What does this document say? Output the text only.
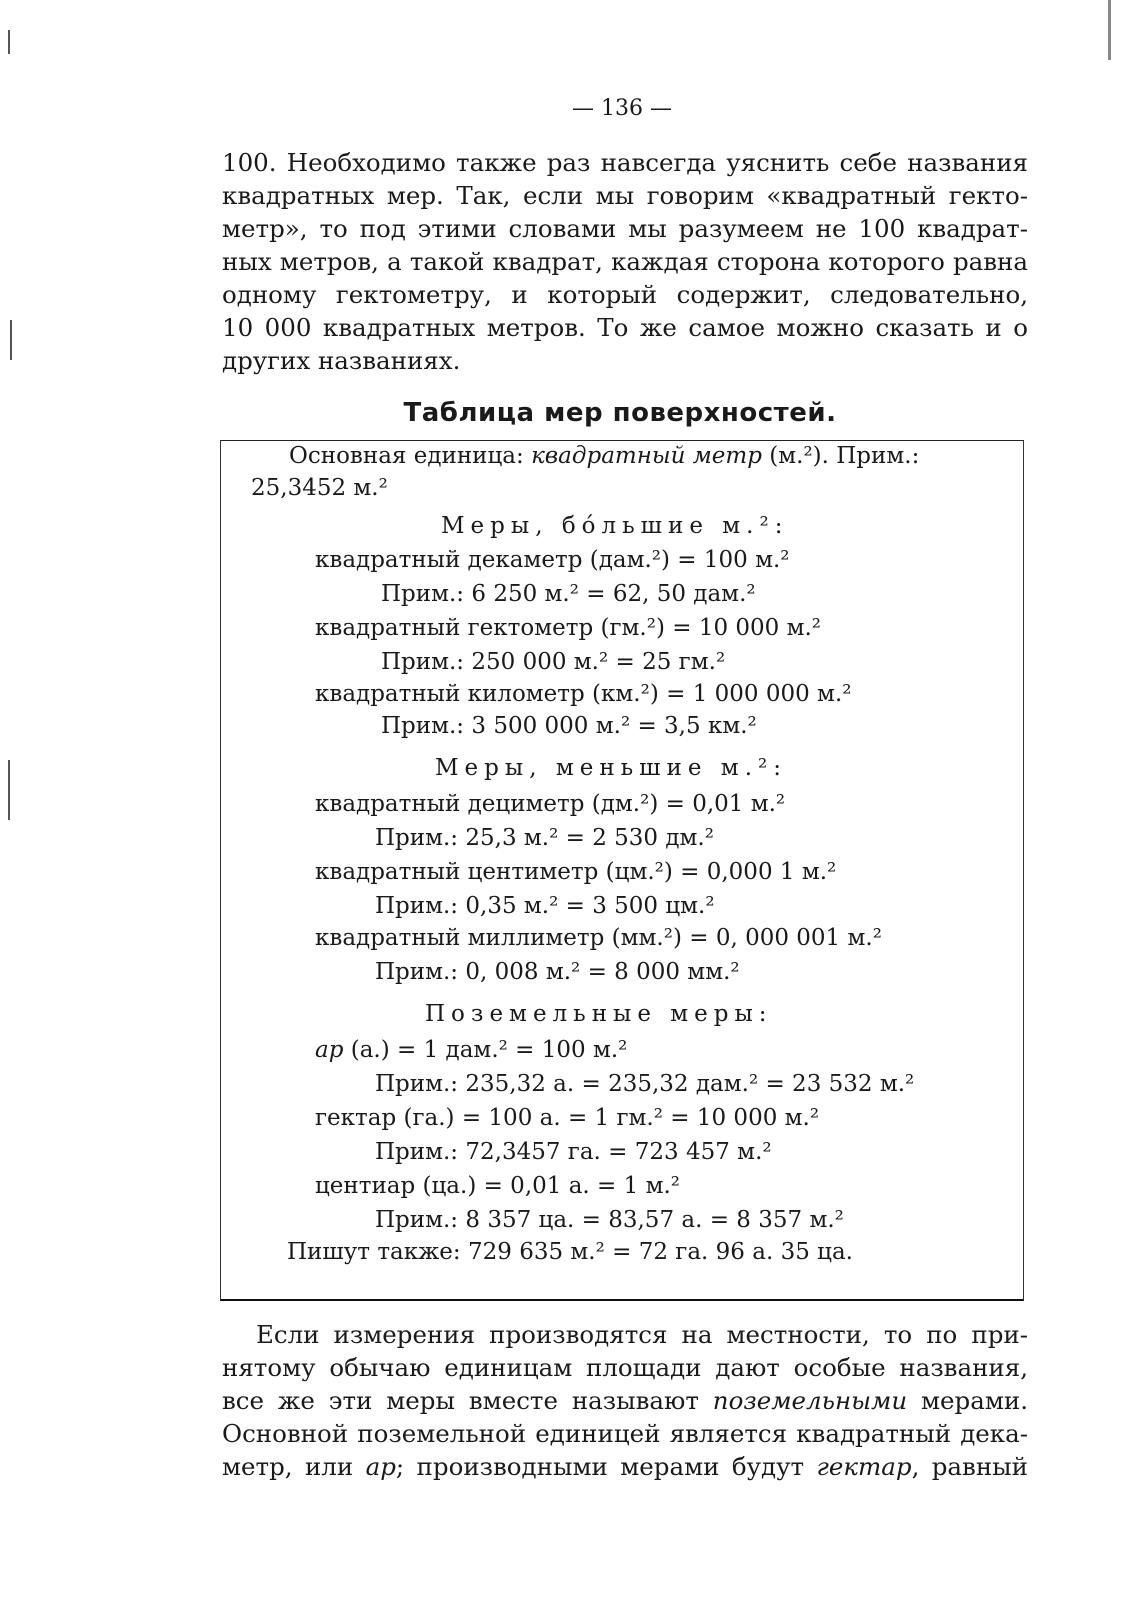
— 136 —
100. Необходимо также раз навсегда уяснить себе названия
квадратных мер. Так, если мы говорим «квадратный гекто-
метр», то под этими словами мы разумеем не 100 квадрат-
ных метров, а такой квадрат, каждая сторона которого равна
одному гектометру, и который содержит, следовательно,
10 000 квадратных метров. То же самое можно сказать и о
других названиях.
Таблица мер поверхностей.
Основная единица: квадратный метр (м.²). Прим.:
25,3452 м.²
Меры, бо́льшие м.²:
квадратный декаметр (дам.²) = 100 м.²
Прим.: 6 250 м.² = 62, 50 дам.²
квадратный гектометр (гм.²) = 10 000 м.²
Прим.: 250 000 м.² = 25 гм.²
квадратный километр (км.²) = 1 000 000 м.²
Прим.: 3 500 000 м.² = 3,5 км.²
Меры, меньшие м.²:
квадратный дециметр (дм.²) = 0,01 м.²
Прим.: 25,3 м.² = 2 530 дм.²
квадратный центиметр (цм.²) = 0,000 1 м.²
Прим.: 0,35 м.² = 3 500 цм.²
квадратный миллиметр (мм.²) = 0, 000 001 м.²
Прим.: 0, 008 м.² = 8 000 мм.²
Поземельные меры:
ар (а.) = 1 дам.² = 100 м.²
Прим.: 235,32 а. = 235,32 дам.² = 23 532 м.²
гектар (га.) = 100 а. = 1 гм.² = 10 000 м.²
Прим.: 72,3457 га. = 723 457 м.²
центиар (ца.) = 0,01 а. = 1 м.²
Прим.: 8 357 ца. = 83,57 а. = 8 357 м.²
Пишут также: 729 635 м.² = 72 га. 96 а. 35 ца.
Если измерения производятся на местности, то по при-
нятому обычаю единицам площади дают особые названия,
все же эти меры вместе называют поземельными мерами.
Основной поземельной единицей является квадратный дека-
метр, или ар; производными мерами будут гектар, равный
